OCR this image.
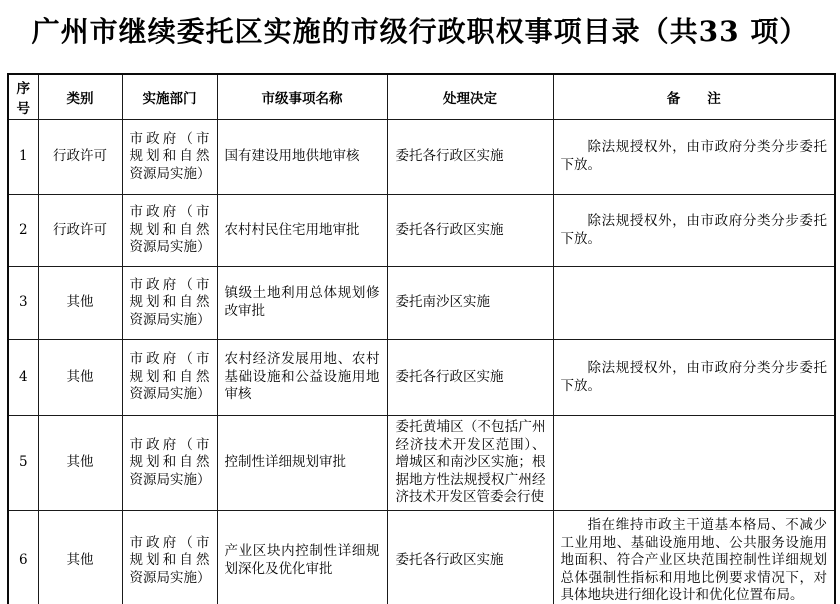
广州市继续委托区实施的市级行政职权事项目录（共33 项）
序号	类别	实施部门	市级事项名称	处理决定	备　　注
1	行政许可	市政府（市规划和自然资源局实施）	国有建设用地供地审核	委托各行政区实施	除法规授权外，由市政府分类分步委托下放。

2	行政许可	市政府（市规划和自然资源局实施）	农村村民住宅用地审批	委托各行政区实施	除法规授权外，由市政府分类分步委托下放。

3	其他	市政府（市规划和自然资源局实施）	镇级土地利用总体规划修改审批	委托南沙区实施	

4	其他	市政府（市规划和自然资源局实施）	农村经济发展用地、农村基础设施和公益设施用地审核	委托各行政区实施	除法规授权外，由市政府分类分步委托下放。

5	其他	市政府（市规划和自然资源局实施）	控制性详细规划审批	委托黄埔区（不包括广州经济技术开发区范围）、增城区和南沙区实施；根据地方性法规授权广州经济技术开发区管委会行使	

6	其他	市政府（市规划和自然资源局实施）	产业区块内控制性详细规划深化及优化审批	委托各行政区实施	指在维持市政主干道基本格局、不减少工业用地、基础设施用地、公共服务设施用地面积、符合产业区块范围控制性详细规划总体强制性指标和用地比例要求情况下，对具体地块进行细化设计和优化位置布局。
